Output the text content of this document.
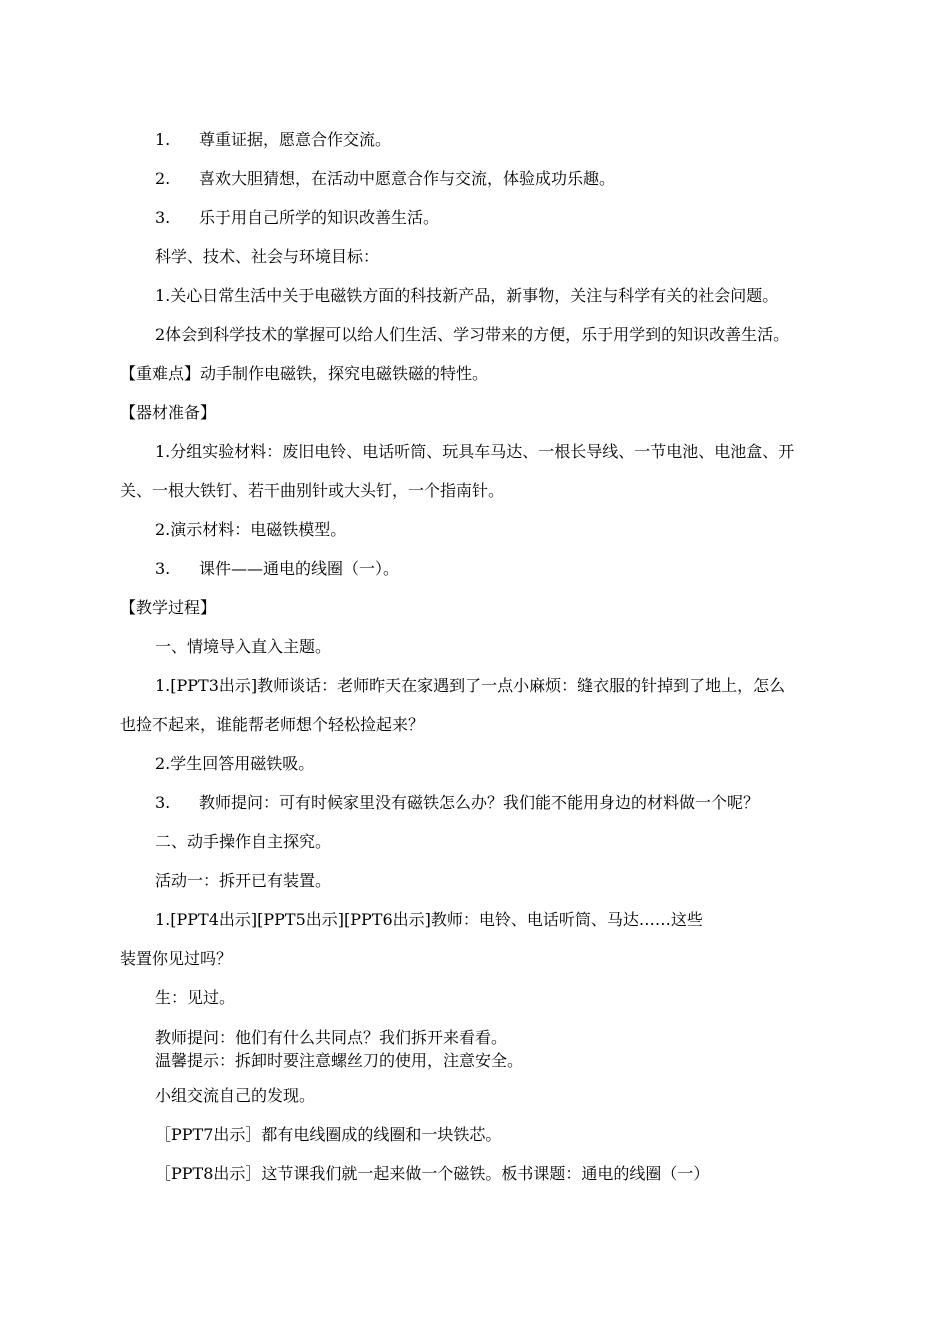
1. 尊重证据，愿意合作交流。
2. 喜欢大胆猜想，在活动中愿意合作与交流，体验成功乐趣。
3. 乐于用自己所学的知识改善生活。
科学、技术、社会与环境目标：
1.关心日常生活中关于电磁铁方面的科技新产品，新事物，关注与科学有关的社会问题。
2体会到科学技术的掌握可以给人们生活、学习带来的方便，乐于用学到的知识改善生活。
【重难点】动手制作电磁铁，探究电磁铁磁的特性。
【器材准备】
1.分组实验材料：废旧电铃、电话听筒、玩具车马达、一根长导线、一节电池、电池盒、开
关、一根大铁钉、若干曲别针或大头钉，一个指南针。
2.演示材料：电磁铁模型。
3. 课件——通电的线圈（一）。
【教学过程】
一、情境导入直入主题。
1.[PPT3出示]教师谈话：老师昨天在家遇到了一点小麻烦：缝衣服的针掉到了地上，怎么
也捡不起来，谁能帮老师想个轻松捡起来？
2.学生回答用磁铁吸。
3. 教师提问：可有时候家里没有磁铁怎么办？我们能不能用身边的材料做一个呢？
二、动手操作自主探究。
活动一：拆开已有装置。
1.[PPT4出示][PPT5出示][PPT6出示]教师：电铃、电话听筒、马达……这些
装置你见过吗？
生：见过。
教师提问：他们有什么共同点？我们拆开来看看。
温馨提示：拆卸时要注意螺丝刀的使用，注意安全。
小组交流自己的发现。
［PPT7出示］都有电线圈成的线圈和一块铁芯。
［PPT8出示］这节课我们就一起来做一个磁铁。板书课题：通电的线圈（一）
